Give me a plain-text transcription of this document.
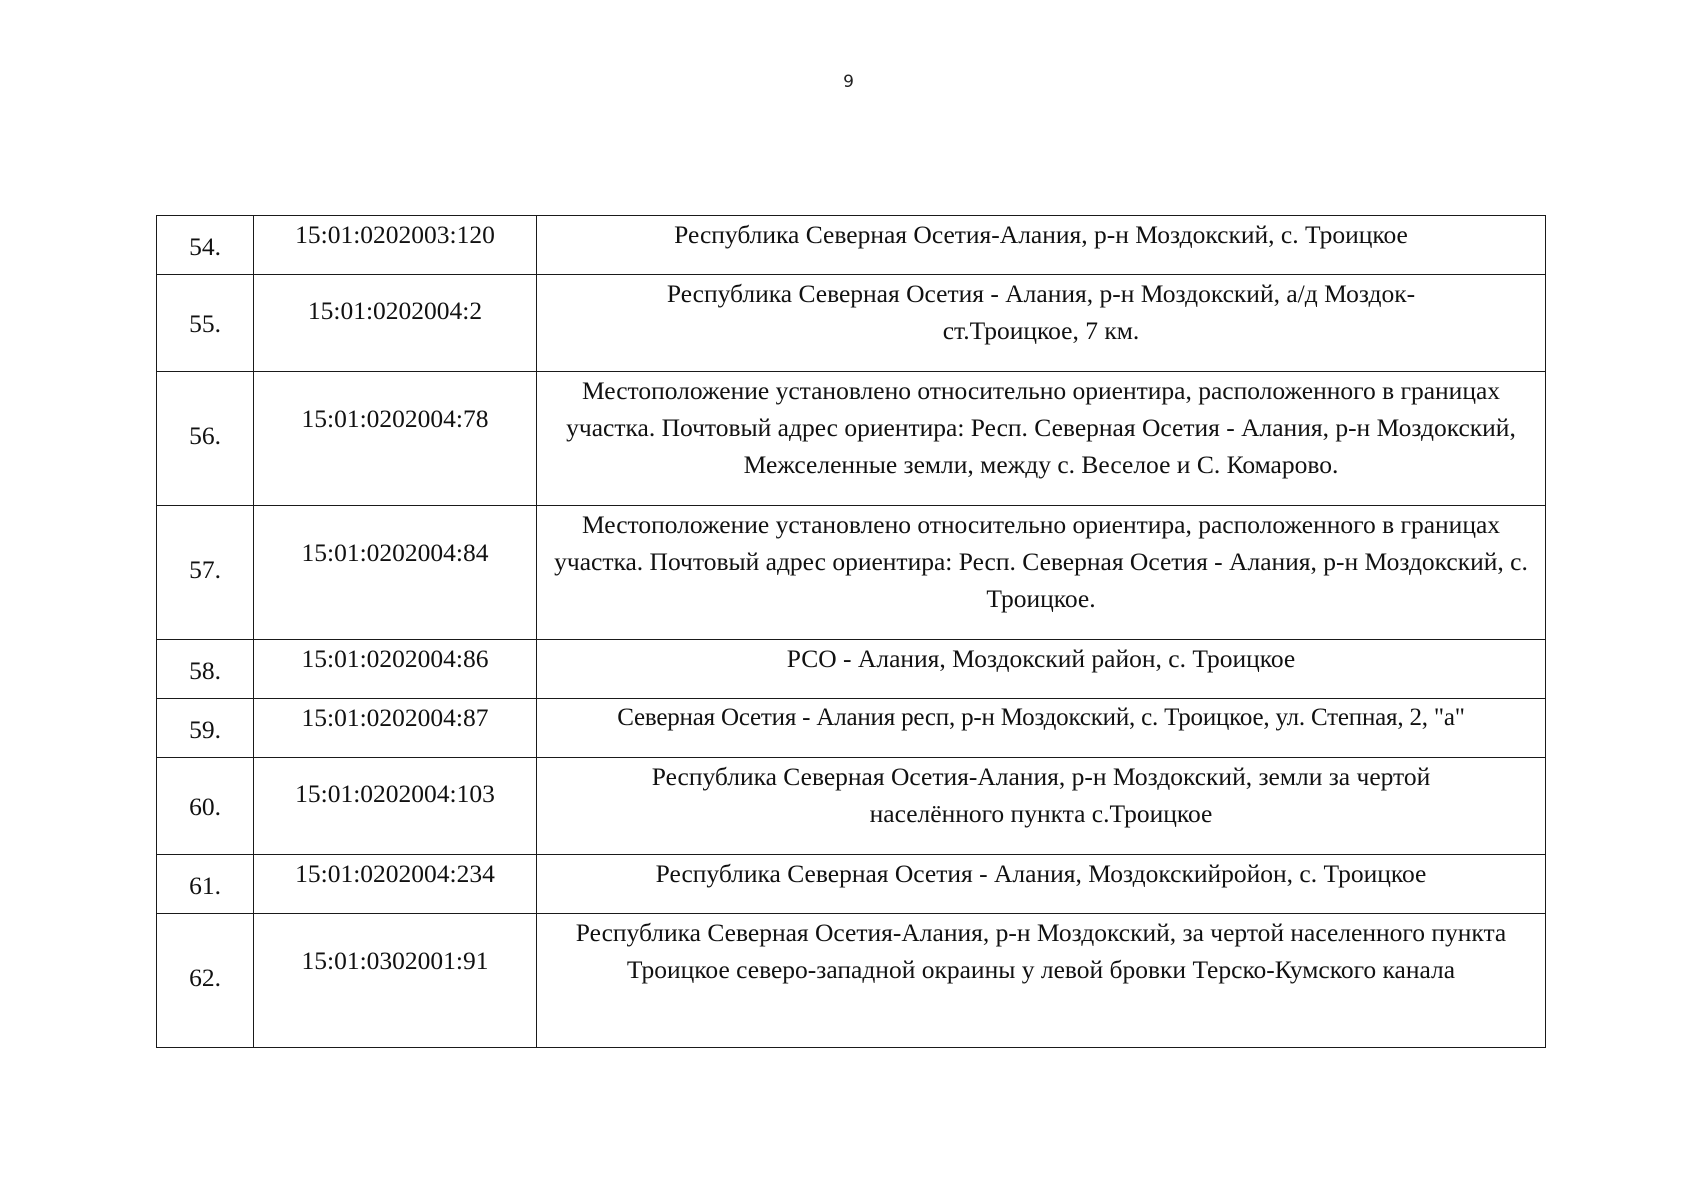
9
54.	15:01:0202003:120	Республика Северная Осетия-Алания, р-н Моздокский, с. Троицкое

55.	15:01:0202004:2	Республика Северная Осетия - Алания, р-н Моздокский, а/д Моздок-ст.Троицкое, 7 км.

56.	15:01:0202004:78	Местоположение установлено относительно ориентира, расположенного в границах участка. Почтовый адрес ориентира: Респ. Северная Осетия - Алания, р-н Моздокский, Межселенные земли, между с. Веселое и С. Комарово.

57.	15:01:0202004:84	Местоположение установлено относительно ориентира, расположенного в границах участка. Почтовый адрес ориентира: Респ. Северная Осетия - Алания, р-н Моздокский, с. Троицкое.

58.	15:01:0202004:86	РСО - Алания, Моздокский район, с. Троицкое

59.	15:01:0202004:87	Северная Осетия - Алания респ, р-н Моздокский, с. Троицкое, ул. Степная, 2, "а"

60.	15:01:0202004:103	Республика Северная Осетия-Алания, р-н Моздокский, земли за чертой населённого пункта с.Троицкое

61.	15:01:0202004:234	Республика Северная Осетия - Алания, Моздокскийройон, с. Троицкое

62.	15:01:0302001:91	Республика Северная Осетия-Алания, р-н Моздокский, за чертой населенного пункта Троицкое северо-западной окраины у левой бровки Терско-Кумского канала
